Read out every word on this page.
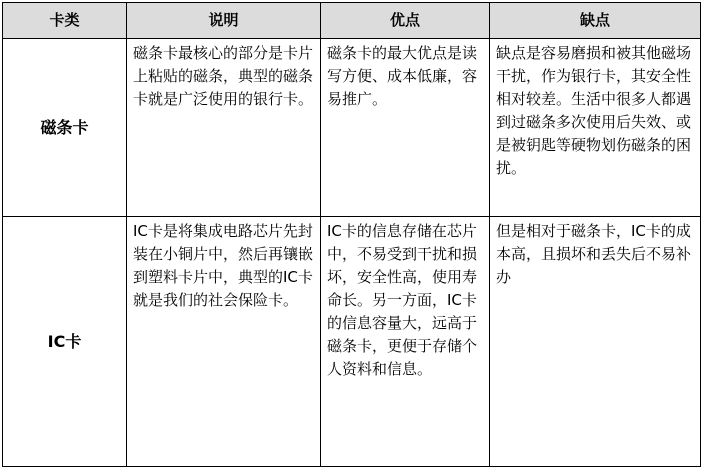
卡类	说明	优点	缺点
磁条卡	磁条卡最核心的部分是卡片上粘贴的磁条，典型的磁条卡就是广泛使用的银行卡。	磁条卡的最大优点是读写方便、成本低廉，容易推广。	缺点是容易磨损和被其他磁场干扰，作为银行卡，其安全性相对较差。生活中很多人都遇到过磁条多次使用后失效、或是被钥匙等硬物划伤磁条的困扰。
IC卡	IC卡是将集成电路芯片先封装在小铜片中，然后再镶嵌到塑料卡片中，典型的IC卡就是我们的社会保险卡。	IC卡的信息存储在芯片中，不易受到干扰和损坏，安全性高，使用寿命长。另一方面，IC卡的信息容量大，远高于磁条卡，更便于存储个人资料和信息。	但是相对于磁条卡，IC卡的成本高，且损坏和丢失后不易补办
